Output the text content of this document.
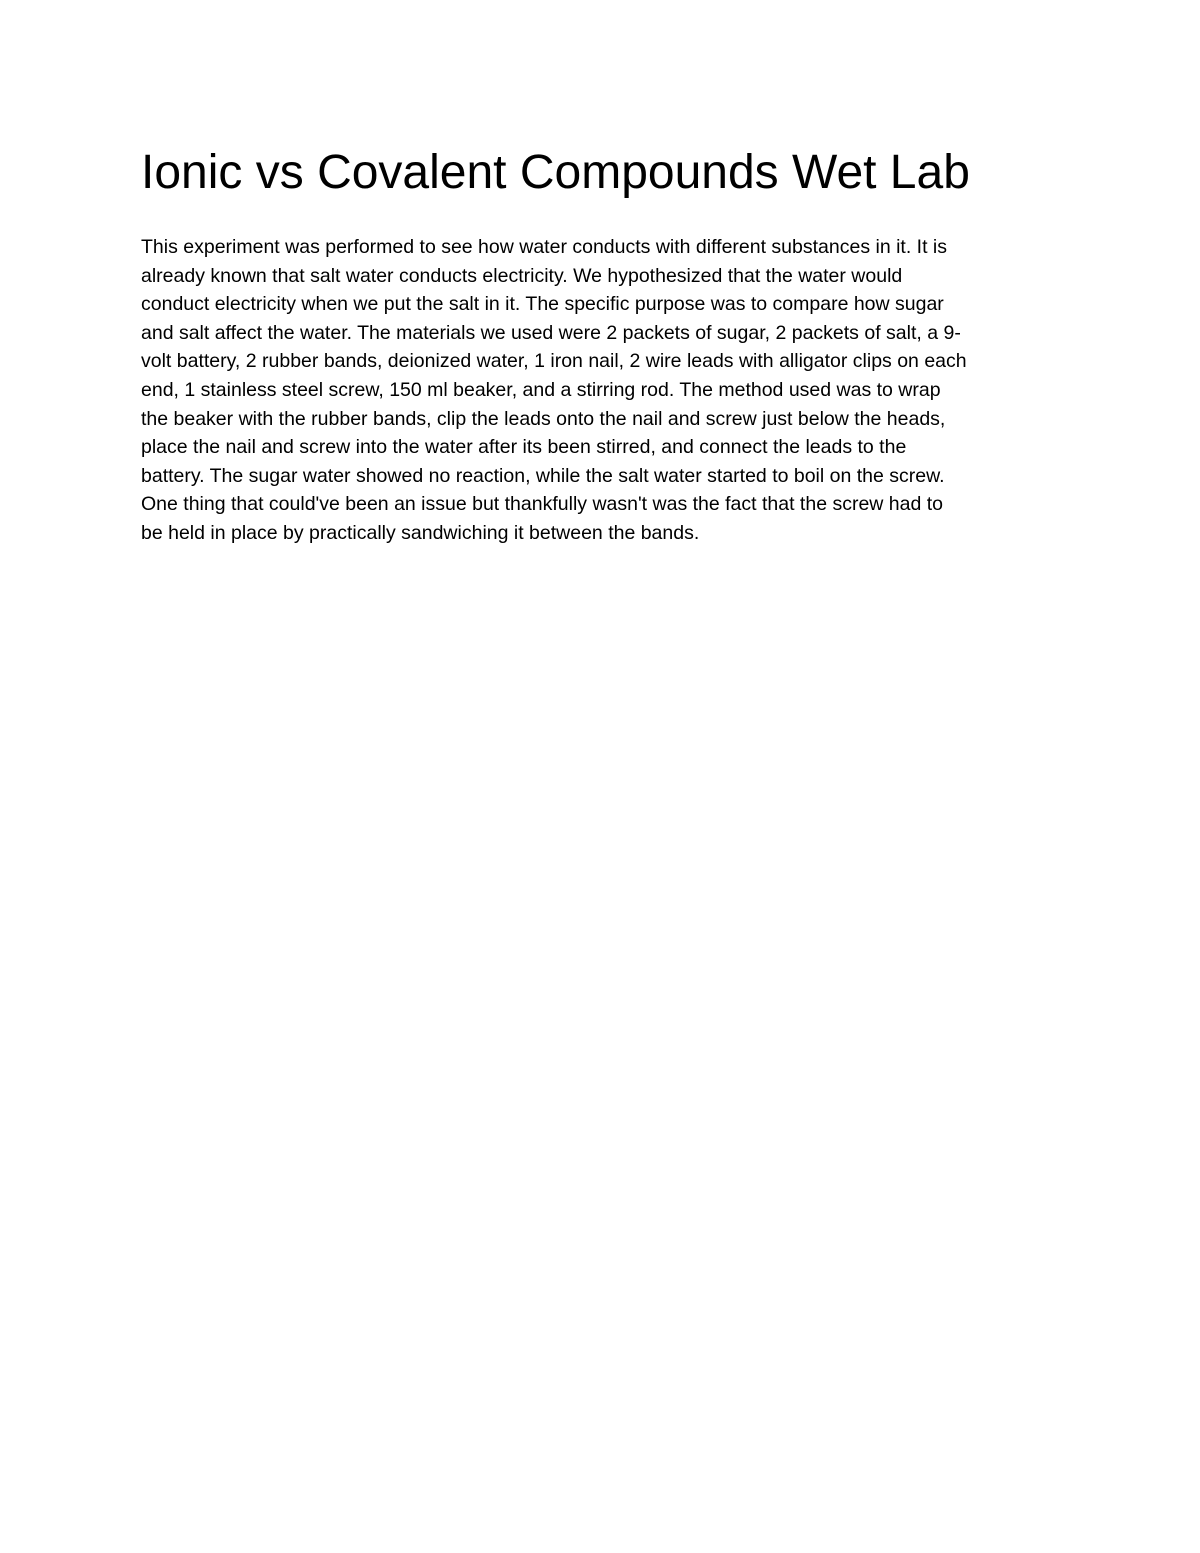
Ionic vs Covalent Compounds Wet Lab
This experiment was performed to see how water conducts with different substances in it. It is
already known that salt water conducts electricity. We hypothesized that the water would
conduct electricity when we put the salt in it. The specific purpose was to compare how sugar
and salt affect the water. The materials we used were 2 packets of sugar, 2 packets of salt, a 9-
volt battery, 2 rubber bands, deionized water, 1 iron nail, 2 wire leads with alligator clips on each
end, 1 stainless steel screw, 150 ml beaker, and a stirring rod. The method used was to wrap
the beaker with the rubber bands, clip the leads onto the nail and screw just below the heads,
place the nail and screw into the water after its been stirred, and connect the leads to the
battery. The sugar water showed no reaction, while the salt water started to boil on the screw.
One thing that could've been an issue but thankfully wasn't was the fact that the screw had to
be held in place by practically sandwiching it between the bands.
